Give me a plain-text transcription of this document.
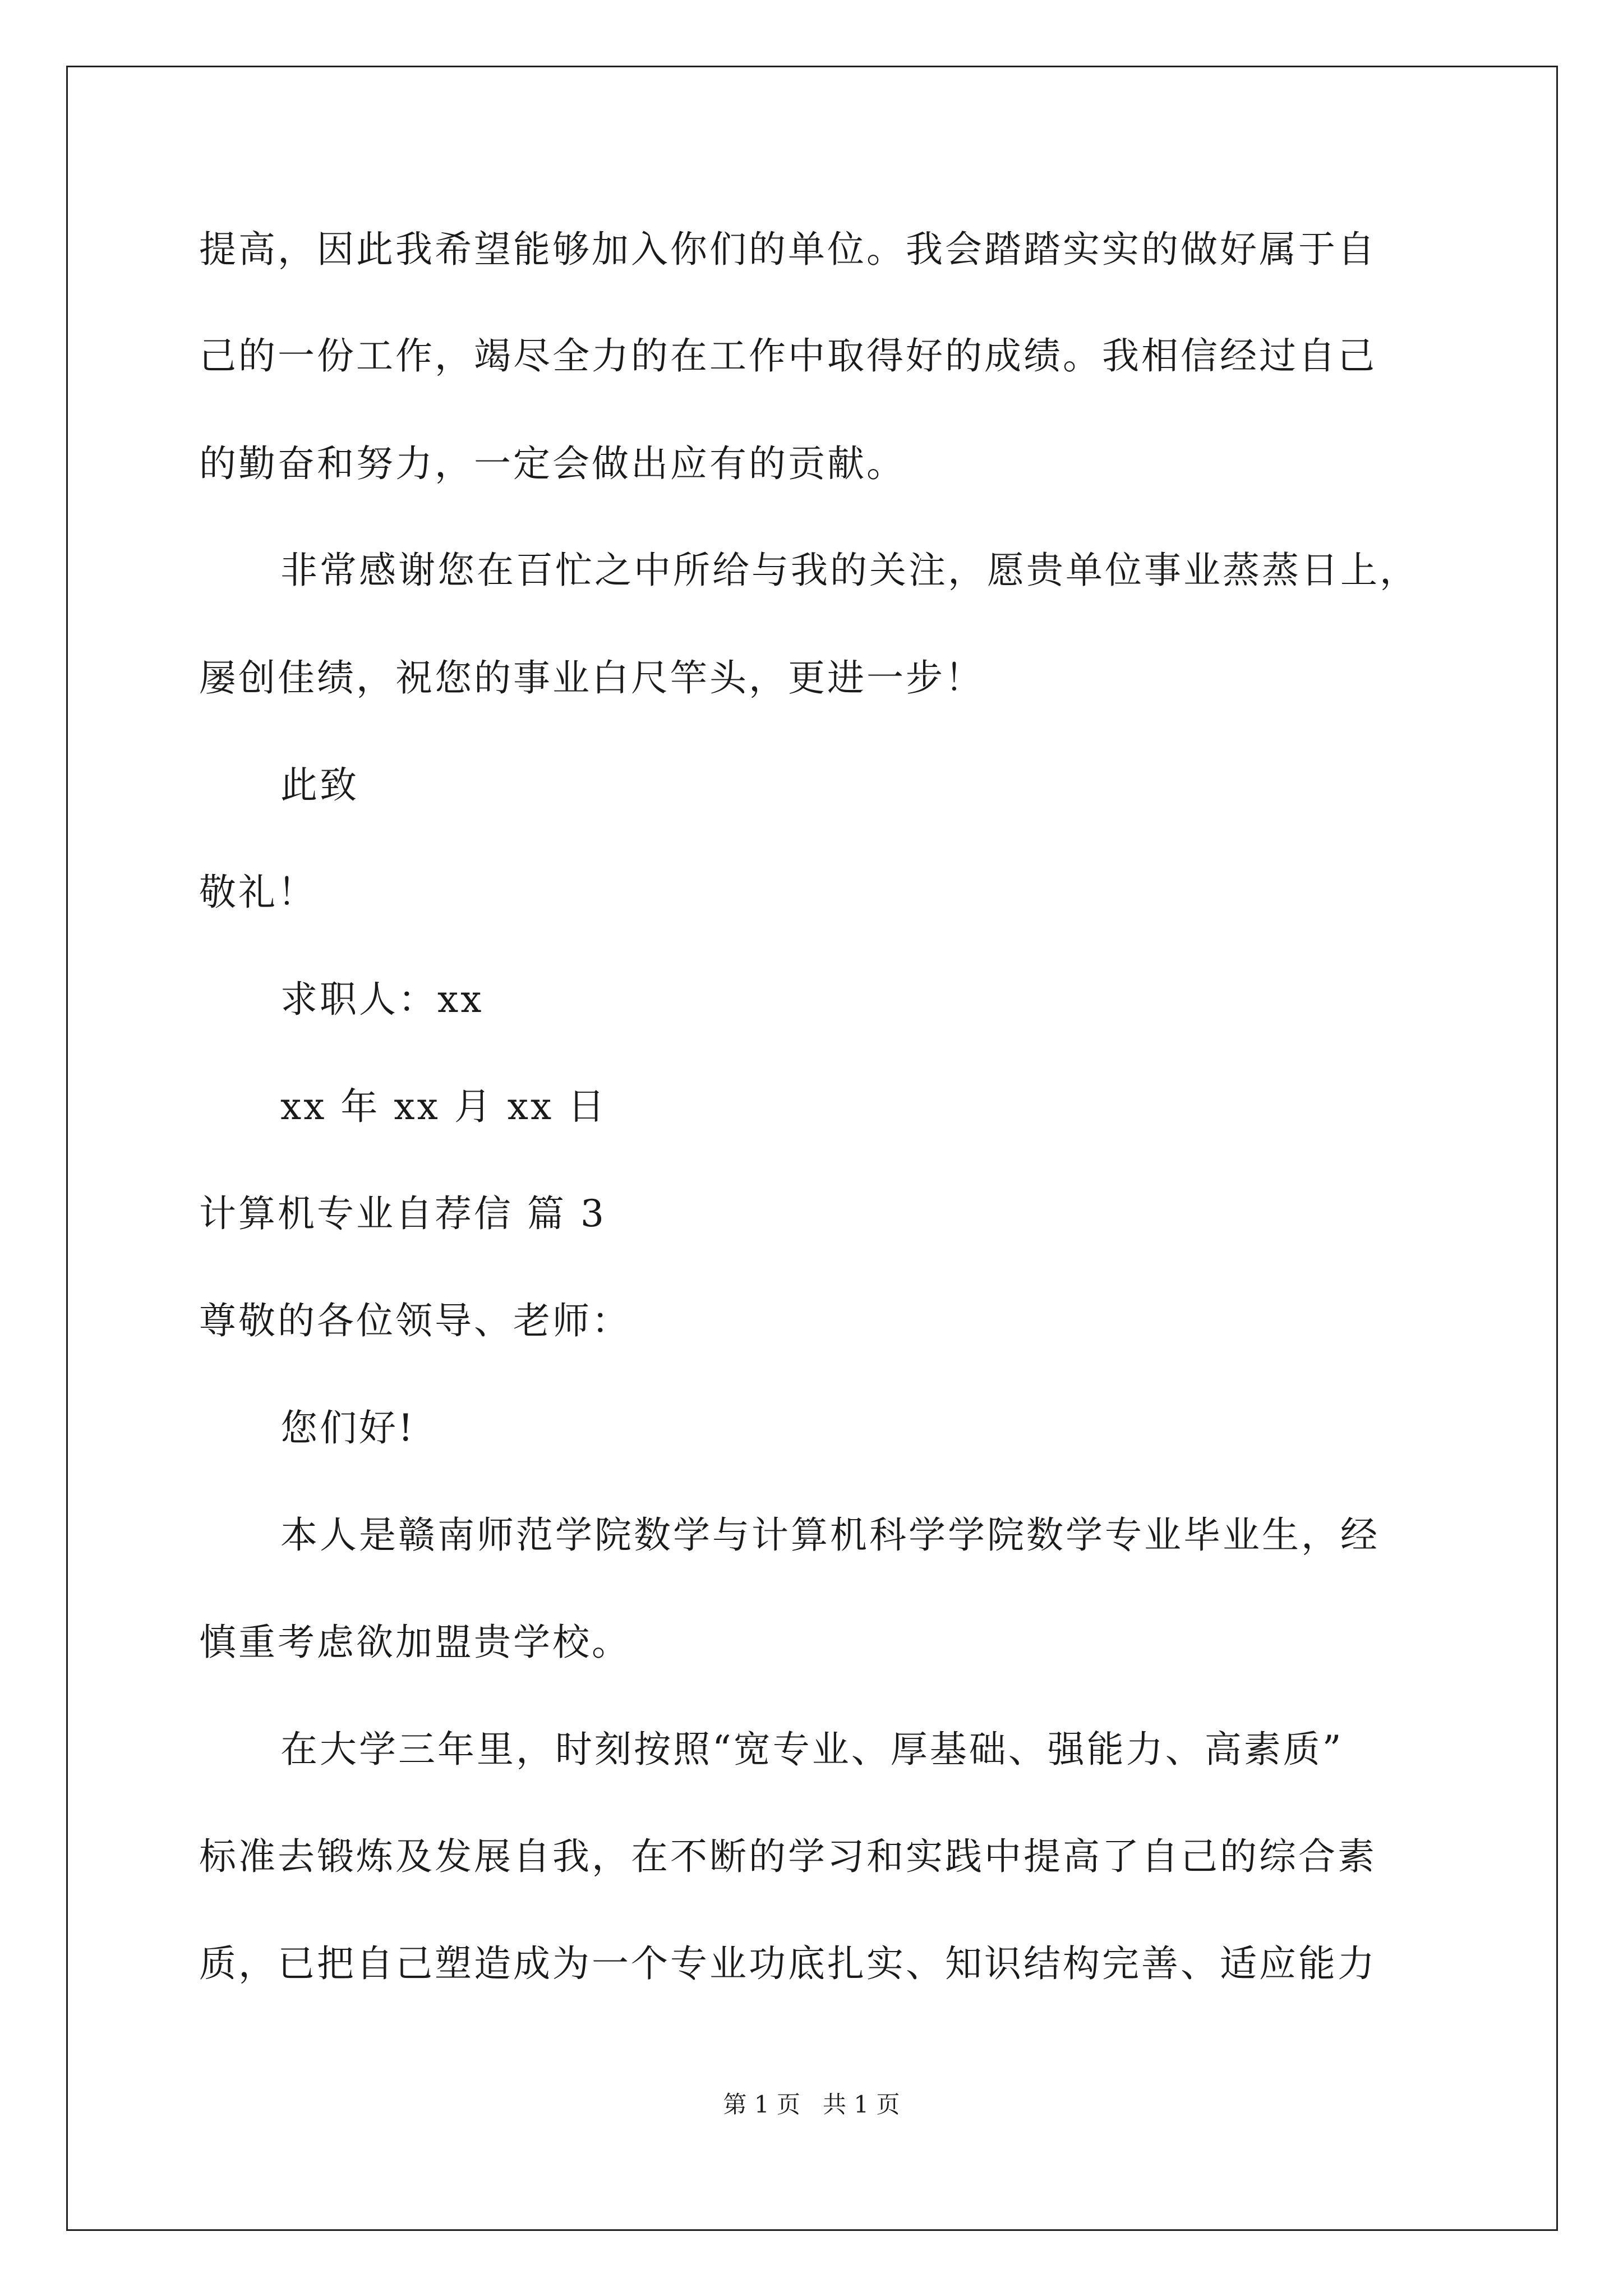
提高，因此我希望能够加入你们的单位。我会踏踏实实的做好属于自
己的一份工作，竭尽全力的在工作中取得好的成绩。我相信经过自己
的勤奋和努力，一定会做出应有的贡献。
非常感谢您在百忙之中所给与我的关注，愿贵单位事业蒸蒸日上，
屡创佳绩，祝您的事业白尺竿头，更进一步！
此致
敬礼！
求职人：xx
xx 年 xx 月 xx 日
计算机专业自荐信 篇 3
尊敬的各位领导、老师：
您们好!
本人是赣南师范学院数学与计算机科学学院数学专业毕业生，经
慎重考虑欲加盟贵学校。
在大学三年里，时刻按照“宽专业、厚基础、强能力、高素质”
标准去锻炼及发展自我，在不断的学习和实践中提高了自己的综合素
质，已把自己塑造成为一个专业功底扎实、知识结构完善、适应能力
第 1 页   共 1 页
